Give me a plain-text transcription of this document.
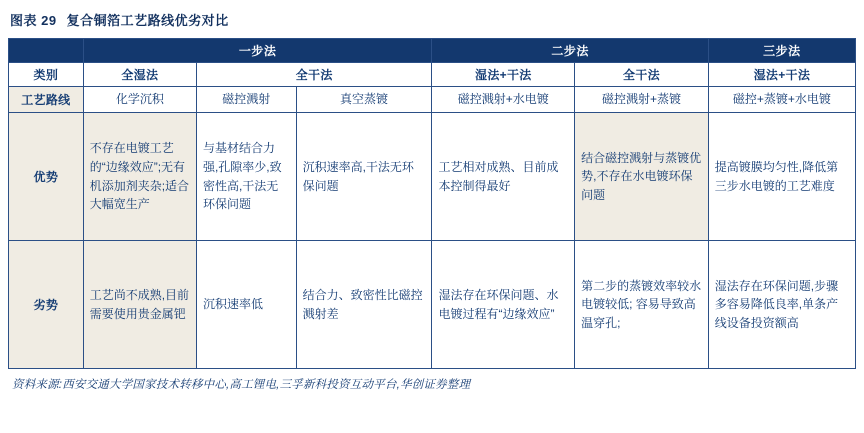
图表 29 复合铜箔工艺路线优劣对比
	一步法			二步法		三步法
类别	全湿法	全干法		湿法+干法	全干法	湿法+干法
工艺路线	化学沉积	磁控溅射	真空蒸镀	磁控溅射+水电镀	磁控溅射+蒸镀	磁控+蒸镀+水电镀
优势	不存在电镀工艺的“边缘效应”;无有机添加剂夹杂;适合大幅宽生产	与基材结合力强,孔隙率少,致密性高,干法无环保问题	沉积速率高,干法无环保问题	工艺相对成熟、目前成本控制得最好	结合磁控溅射与蒸镀优势,不存在水电镀环保问题	提高镀膜均匀性,降低第三步水电镀的工艺难度
劣势	工艺尚不成熟,目前需要使用贵金属钯	沉积速率低	结合力、致密性比磁控溅射差	湿法存在环保问题、水电镀过程有“边缘效应”	第二步的蒸镀效率较水电镀较低; 容易导致高温穿孔;	湿法存在环保问题,步骤多容易降低良率,单条产线设备投资额高
资料来源:西安交通大学国家技术转移中心,高工锂电,三孚新科投资互动平台,华创证券整理
